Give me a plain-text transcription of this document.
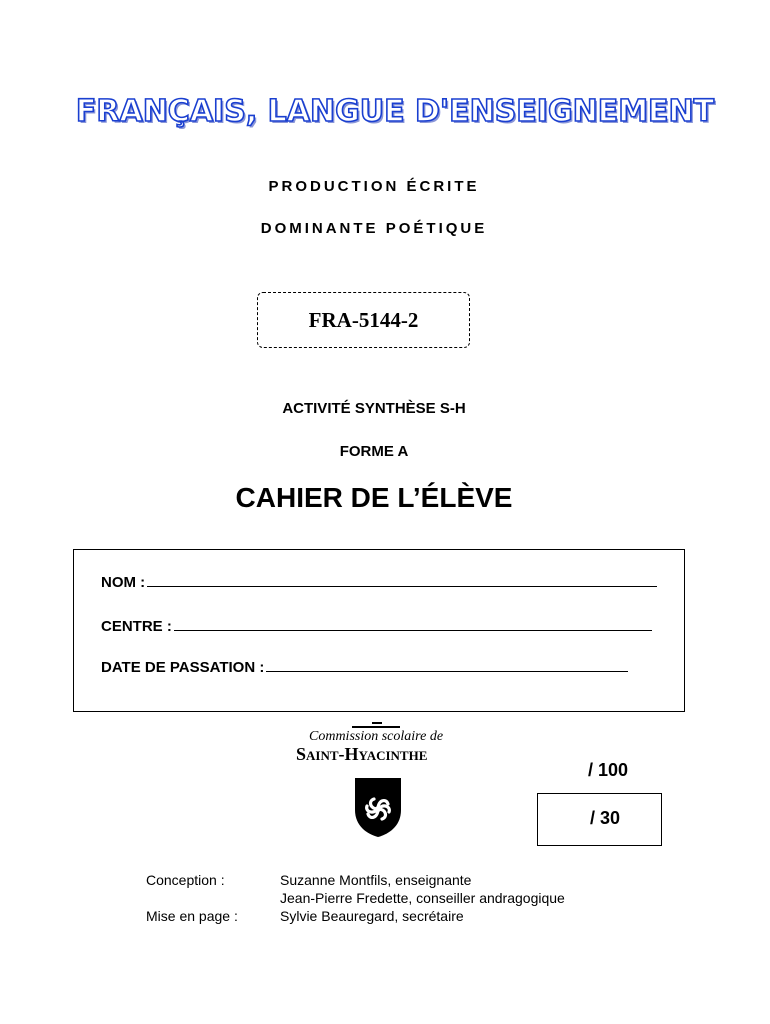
FRANÇAIS, LANGUE D'ENSEIGNEMENT
PRODUCTION ÉCRITE
DOMINANTE POÉTIQUE
FRA-5144-2
ACTIVITÉ SYNTHÈSE S-H
FORME A
CAHIER DE L’ÉLÈVE
NOM :
CENTRE :
DATE DE PASSATION :
Commission scolaire de
Saint-Hyacinthe
/ 100
/ 30
Conception :	Suzanne Montfils, enseignante
Jean-Pierre Fredette, conseiller andragogique
Mise en page :	Sylvie Beauregard, secrétaire
